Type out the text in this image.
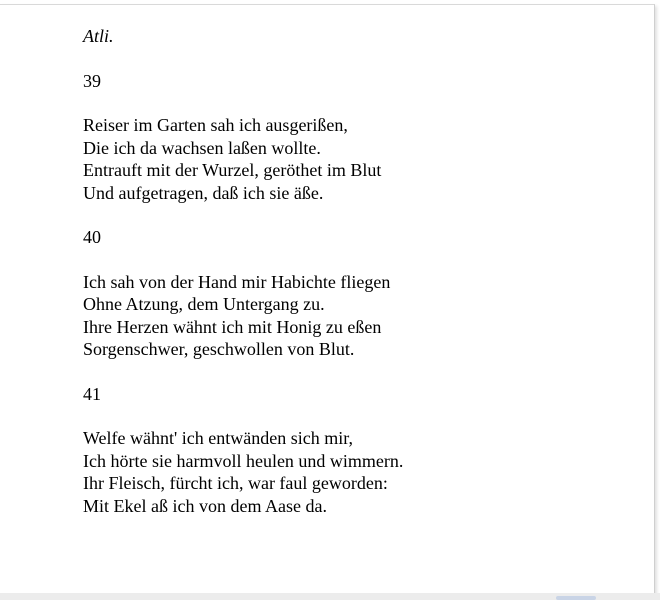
Atli.
39
Reiser im Garten sah ich ausgerißen,
Die ich da wachsen laßen wollte.
Entrauft mit der Wurzel, geröthet im Blut
Und aufgetragen, daß ich sie äße.
40
Ich sah von der Hand mir Habichte fliegen
Ohne Atzung, dem Untergang zu.
Ihre Herzen wähnt ich mit Honig zu eßen
Sorgenschwer, geschwollen von Blut.
41
Welfe wähnt' ich entwänden sich mir,
Ich hörte sie harmvoll heulen und wimmern.
Ihr Fleisch, fürcht ich, war faul geworden:
Mit Ekel aß ich von dem Aase da.
